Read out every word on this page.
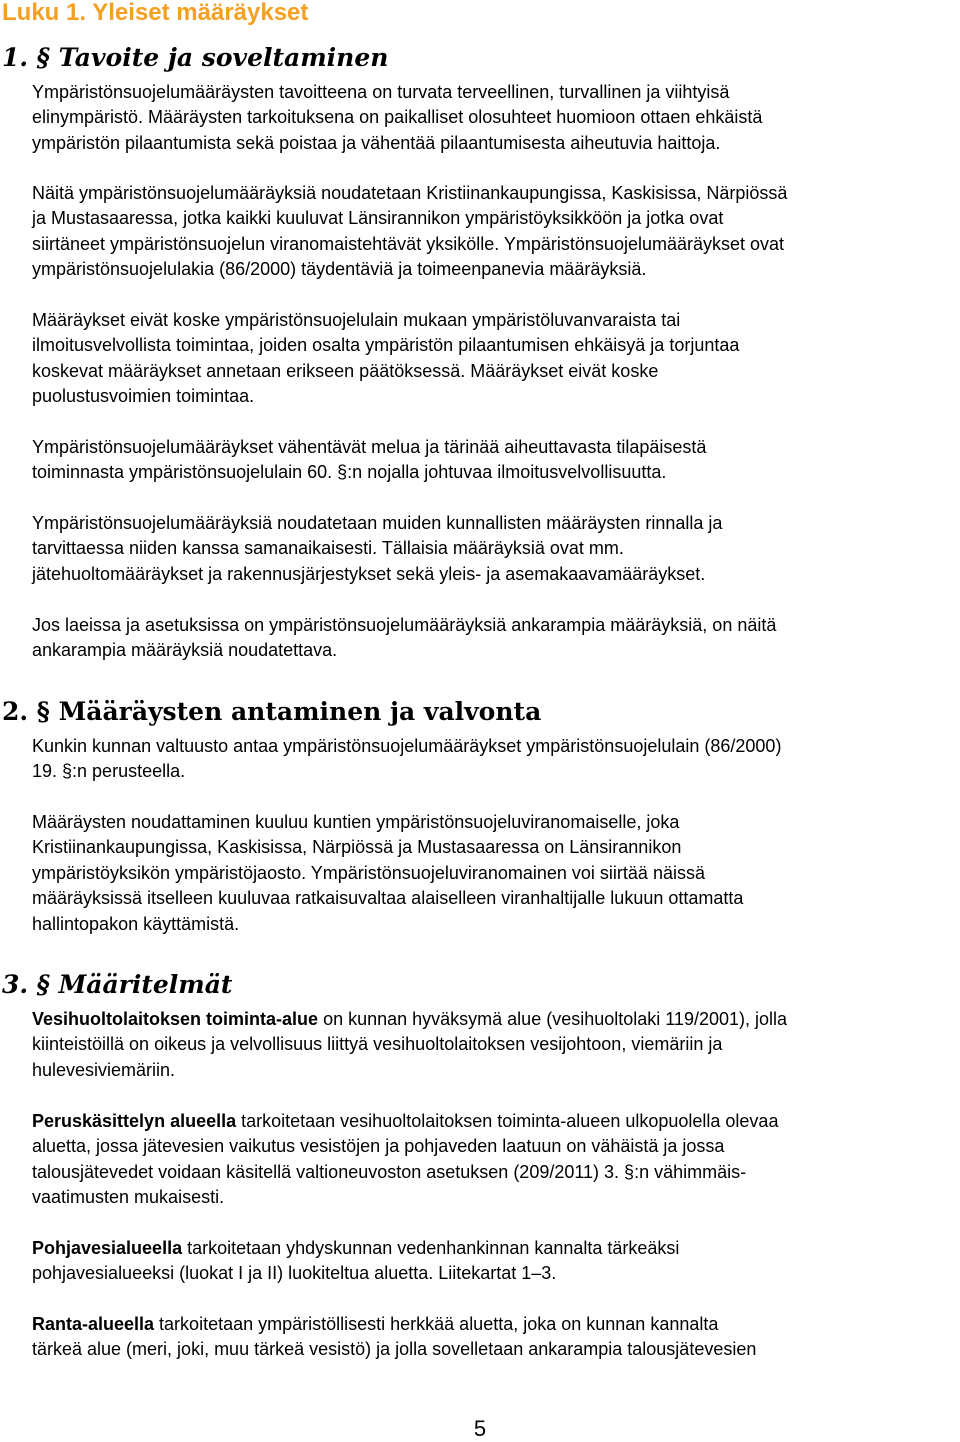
Luku 1. Yleiset määräykset
1. § Tavoite ja soveltaminen

Ympäristönsuojelumääräysten tavoitteena on turvata terveellinen, turvallinen ja viihtyisä
elinympäristö. Määräysten tarkoituksena on paikalliset olosuhteet huomioon ottaen ehkäistä
ympäristön pilaantumista sekä poistaa ja vähentää pilaantumisesta aiheutuvia haittoja.

Näitä ympäristönsuojelumääräyksiä noudatetaan Kristiinankaupungissa, Kaskisissa, Närpiössä
ja Mustasaaressa, jotka kaikki kuuluvat Länsirannikon ympäristöyksikköön ja jotka ovat
siirtäneet ympäristönsuojelun viranomaistehtävät yksikölle. Ympäristönsuojelumääräykset ovat
ympäristönsuojelulakia (86/2000) täydentäviä ja toimeenpanevia määräyksiä.

Määräykset eivät koske ympäristönsuojelulain mukaan ympäristöluvanvaraista tai
ilmoitusvelvollista toimintaa, joiden osalta ympäristön pilaantumisen ehkäisyä ja torjuntaa
koskevat määräykset annetaan erikseen päätöksessä. Määräykset eivät koske
puolustusvoimien toimintaa.

Ympäristönsuojelumääräykset vähentävät melua ja tärinää aiheuttavasta tilapäisestä
toiminnasta ympäristönsuojelulain 60. §:n nojalla johtuvaa ilmoitusvelvollisuutta.

Ympäristönsuojelumääräyksiä noudatetaan muiden kunnallisten määräysten rinnalla ja
tarvittaessa niiden kanssa samanaikaisesti. Tällaisia määräyksiä ovat mm.
jätehuoltomääräykset ja rakennusjärjestykset sekä yleis- ja asemakaavamääräykset.

Jos laeissa ja asetuksissa on ympäristönsuojelumääräyksiä ankarampia määräyksiä, on näitä
ankarampia määräyksiä noudatettava.

2. § Määräysten antaminen ja valvonta

Kunkin kunnan valtuusto antaa ympäristönsuojelumääräykset ympäristönsuojelulain (86/2000)
19. §:n perusteella.

Määräysten noudattaminen kuuluu kuntien ympäristönsuojeluviranomaiselle, joka
Kristiinankaupungissa, Kaskisissa, Närpiössä ja Mustasaaressa on Länsirannikon
ympäristöyksikön ympäristöjaosto. Ympäristönsuojeluviranomainen voi siirtää näissä
määräyksissä itselleen kuuluvaa ratkaisuvaltaa alaiselleen viranhaltijalle lukuun ottamatta
hallintopakon käyttämistä.

3. § Määritelmät

Vesihuoltolaitoksen toiminta-alue on kunnan hyväksymä alue (vesihuoltolaki 119/2001), jolla
kiinteistöillä on oikeus ja velvollisuus liittyä vesihuoltolaitoksen vesijohtoon, viemäriin ja
hulevesiviemäriin.

Peruskäsittelyn alueella tarkoitetaan vesihuoltolaitoksen toiminta-alueen ulkopuolella olevaa
aluetta, jossa jätevesien vaikutus vesistöjen ja pohjaveden laatuun on vähäistä ja jossa
talousjätevedet voidaan käsitellä valtioneuvoston asetuksen (209/2011) 3. §:n vähimmäis-
vaatimusten mukaisesti.

Pohjavesialueella tarkoitetaan yhdyskunnan vedenhankinnan kannalta tärkeäksi
pohjavesialueeksi (luokat I ja II) luokiteltua aluetta. Liitekartat 1–3.

Ranta-alueella tarkoitetaan ympäristöllisesti herkkää aluetta, joka on kunnan kannalta
tärkeä alue (meri, joki, muu tärkeä vesistö) ja jolla sovelletaan ankarampia talousjätevesien

5
